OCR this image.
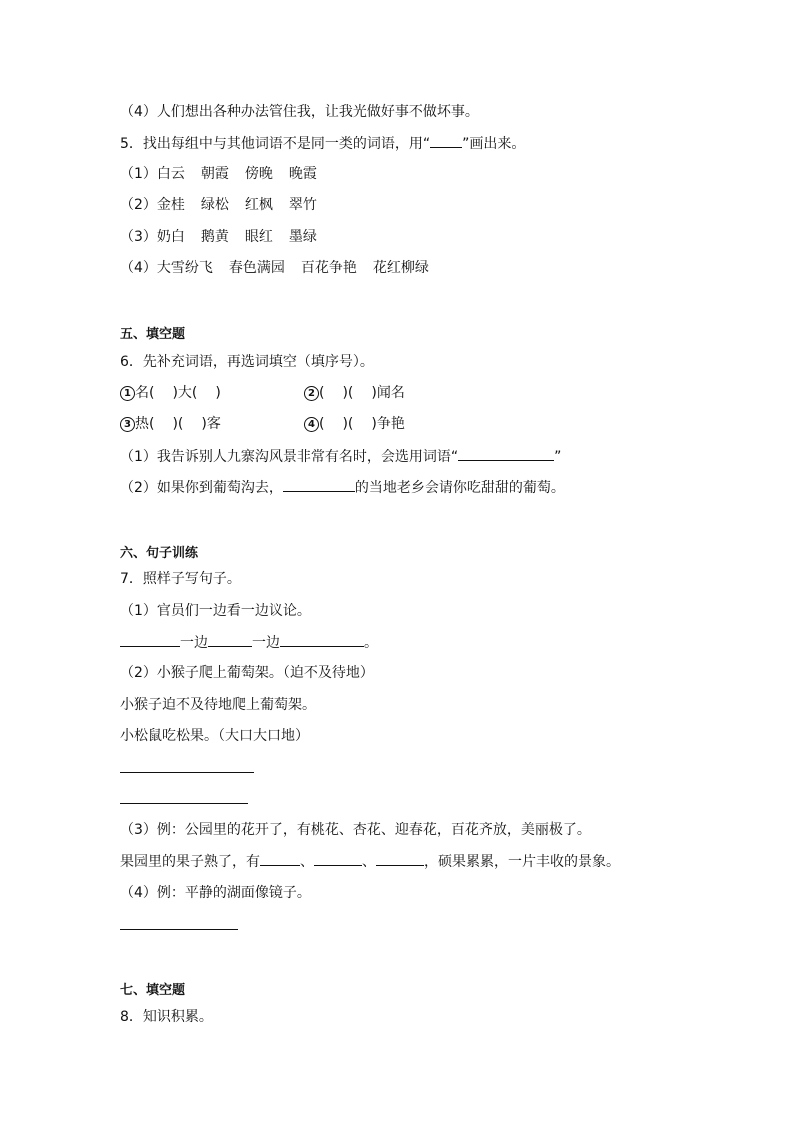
（4）人们想出各种办法管住我，让我光做好事不做坏事。
5．找出每组中与其他词语不是同一类的词语，用“ ”画出来。
（1）白云 朝霞 傍晚 晚霞
（2）金桂 绿松 红枫 翠竹
（3）奶白 鹅黄 眼红 墨绿
（4）大雪纷飞 春色满园 百花争艳 花红柳绿
五、填空题
6．先补充词语，再选词填空（填序号）。
1 名( )大( )	2 ( )( )闻名
3 热( )( )客	4 ( )( )争艳
（1）我告诉别人九寨沟风景非常有名时，会选用词语“	”
（2）如果你到葡萄沟去，	的当地老乡会请你吃甜甜的葡萄。
六、句子训练
7．照样子写句子。
（1）官员们一边看一边议论。
一边	一边	。
（2）小猴子爬上葡萄架。（迫不及待地）
小猴子迫不及待地爬上葡萄架。
小松鼠吃松果。（大口大口地）
（3）例：公园里的花开了，有桃花、杏花、迎春花，百花齐放，美丽极了。
果园里的果子熟了，有	、	、	，硕果累累，一片丰收的景象。
（4）例：平静的湖面像镜子。
七、填空题
8．知识积累。
